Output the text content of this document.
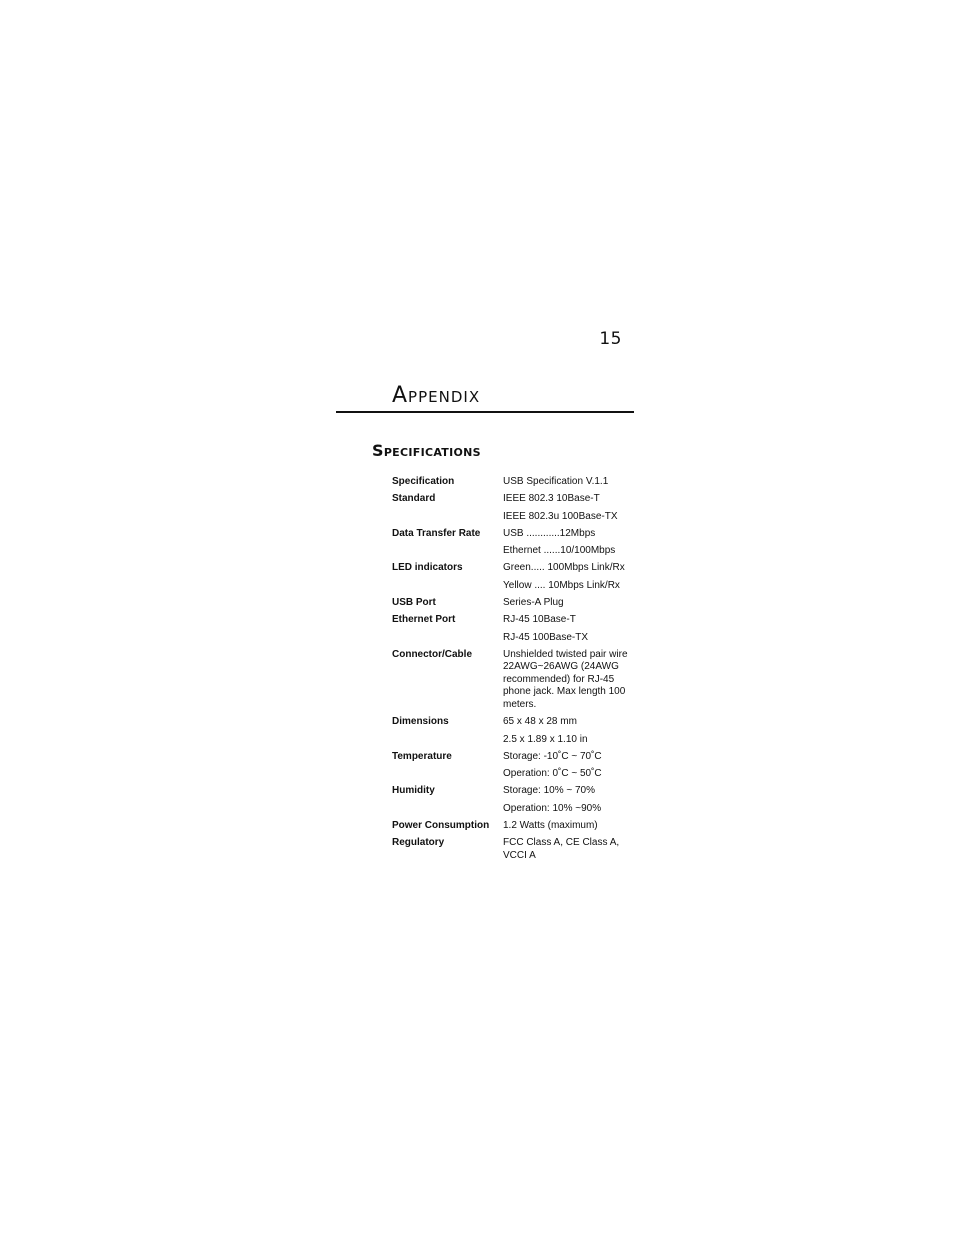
15
Appendix
Specifications
Specification	USB Specification V.1.1
Standard	IEEE 802.3 10Base-T
IEEE 802.3u 100Base-TX
Data Transfer Rate	USB ............12Mbps
Ethernet ......10/100Mbps
LED indicators	Green..... 100Mbps Link/Rx
Yellow .... 10Mbps Link/Rx
USB Port	Series-A Plug
Ethernet Port	RJ-45 10Base-T
RJ-45 100Base-TX
Connector/Cable	Unshielded twisted pair wire
22AWG~26AWG (24AWG
recommended) for RJ-45
phone jack. Max length 100
meters.
Dimensions	65 x 48 x 28 mm
2.5 x 1.89 x 1.10 in
Temperature	Storage: -10˚C ~ 70˚C
Operation: 0˚C ~ 50˚C
Humidity	Storage: 10% ~ 70%
Operation: 10% ~90%
Power Consumption	1.2 Watts (maximum)
Regulatory	FCC Class A, CE Class A,
VCCI A
